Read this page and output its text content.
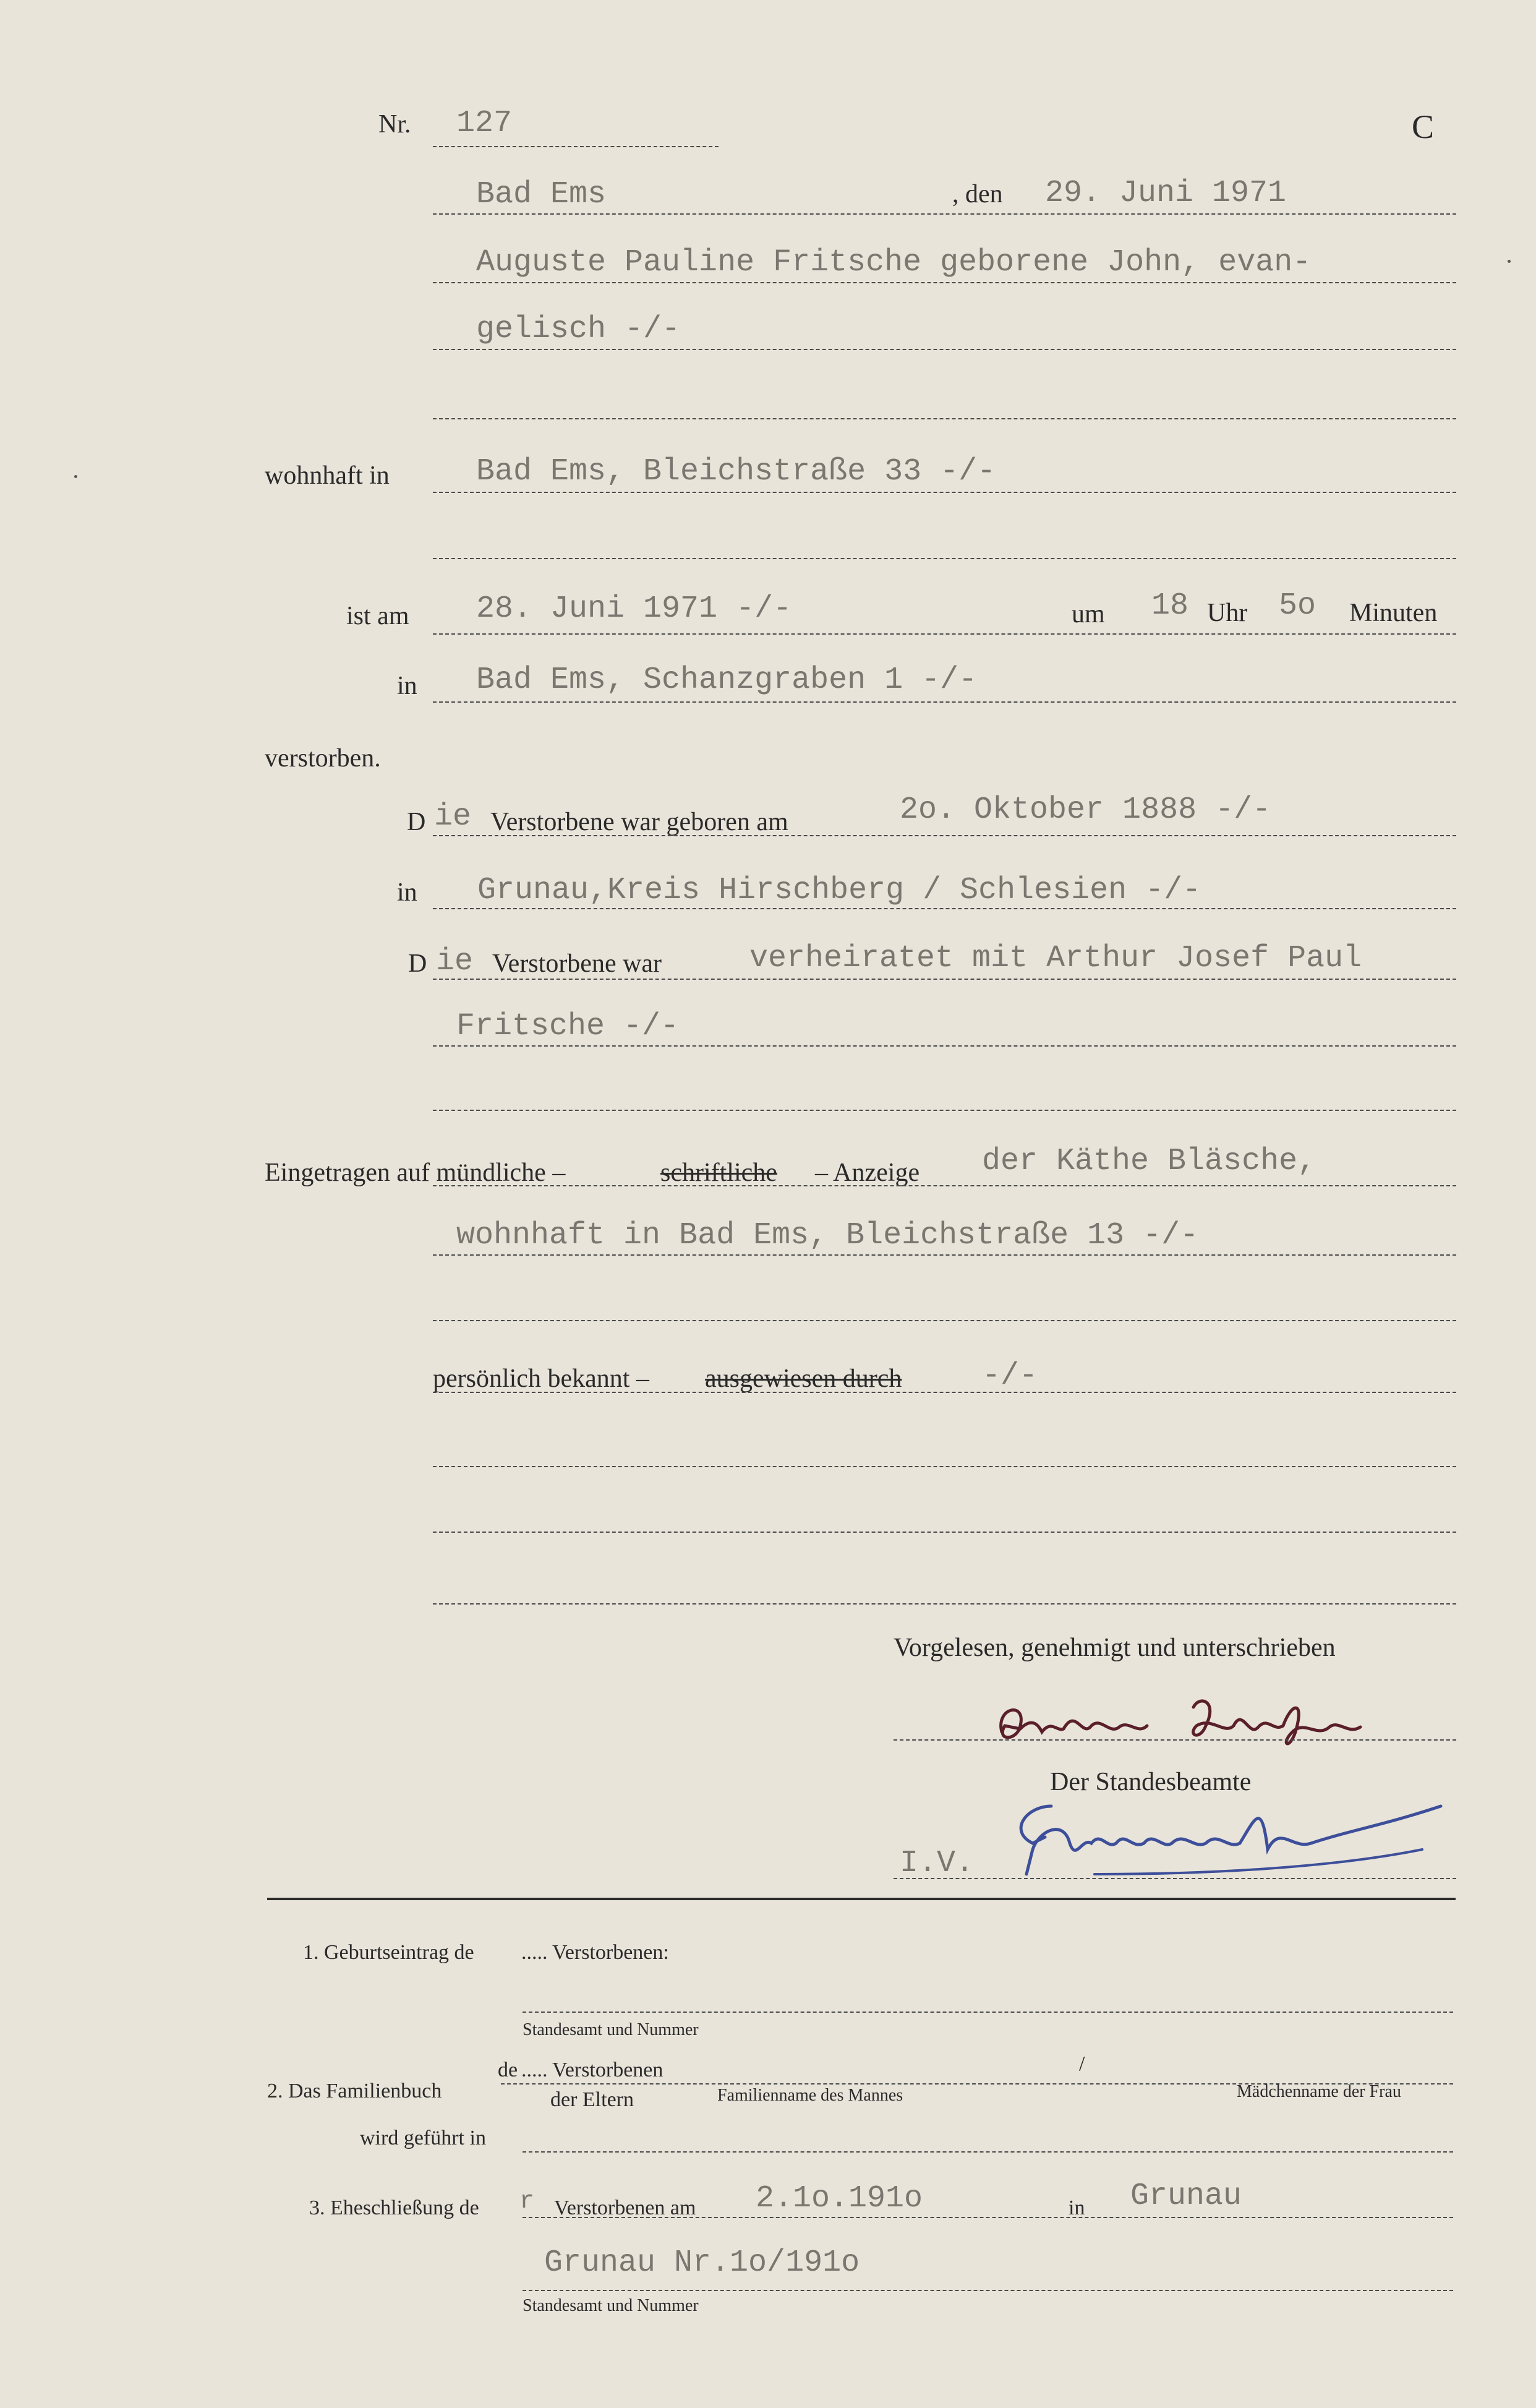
Nr. 127	C
Bad Ems	, den 29. Juni 1971
Auguste Pauline Fritsche geborene John, evan-
gelisch -/-
wohnhaft in	Bad Ems, Bleichstraße 33 -/-
ist am 28. Juni 1971 -/-	um 18 Uhr 5o Minuten
in Bad Ems, Schanzgraben 1 -/-
verstorben.
D ie Verstorbene war geboren am	2o. Oktober 1888 -/-
in Grunau,Kreis Hirschberg / Schlesien -/-
D ie Verstorbene war	verheiratet mit Arthur Josef Paul
Fritsche -/-
Eingetragen auf mündliche –	schriftliche – Anzeige der Käthe Bläsche,
wohnhaft in Bad Ems, Bleichstraße 13 -/-
persönlich bekannt – ausgewiesen durch	-/-
Vorgelesen, genehmigt und unterschrieben
Der Standesbeamte
I.V.
1. Geburtseintrag de ..... Verstorbenen:
Standesamt und Nummer
de ..... Verstorbenen	/
2. Das Familienbuch	der Eltern	Familienname des Mannes	Mädchenname der Frau
wird geführt in
3. Eheschließung de r Verstorbenen am 2.1o.191o	in Grunau
Grunau Nr.1o/191o
Standesamt und Nummer
